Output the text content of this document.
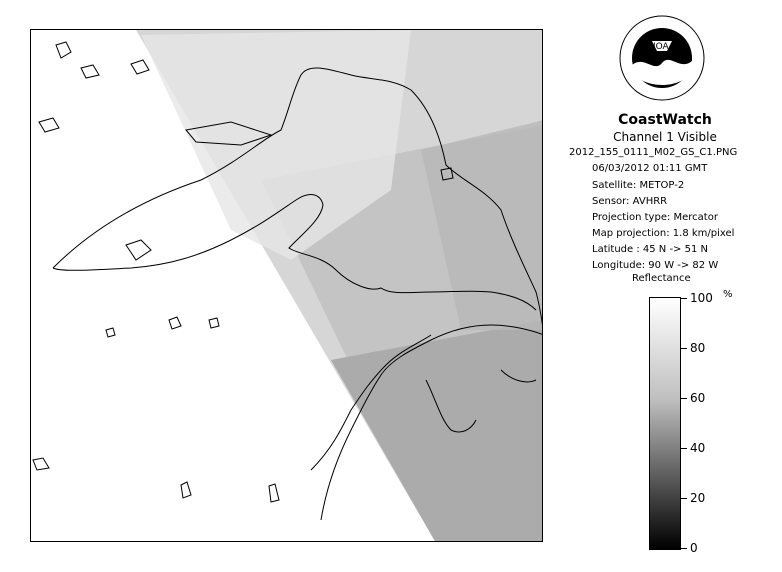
NOAA
CoastWatch
Channel 1 Visible
2012_155_0111_M02_GS_C1.PNG
06/03/2012 01:11 GMT
Satellite: METOP-2
Sensor: AVHRR
Projection type: Mercator
Map projection: 1.8 km/pixel
Latitude : 45 N -> 51 N
Longitude: 90 W -> 82 W
Reflectance
%
100
80
60
40
20
0
